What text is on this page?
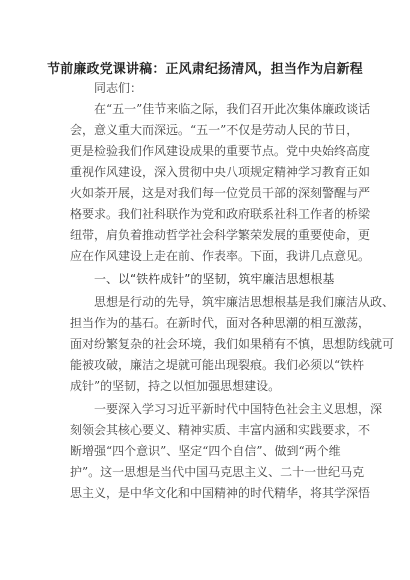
节前廉政党课讲稿：正风肃纪扬清风，担当作为启新程
同志们：
在“五一”佳节来临之际，我们召开此次集体廉政谈话
会，意义重大而深远。“五一”不仅是劳动人民的节日，
更是检验我们作风建设成果的重要节点。党中央始终高度
重视作风建设，深入贯彻中央八项规定精神学习教育正如
火如荼开展，这是对我们每一位党员干部的深刻警醒与严
格要求。我们社科联作为党和政府联系社科工作者的桥梁
纽带，肩负着推动哲学社会科学繁荣发展的重要使命，更
应在作风建设上走在前、作表率。下面，我讲几点意见。
一、以“铁杵成针”的坚韧，筑牢廉洁思想根基
思想是行动的先导，筑牢廉洁思想根基是我们廉洁从政、
担当作为的基石。在新时代，面对各种思潮的相互激荡，
面对纷繁复杂的社会环境，我们如果稍有不慎，思想防线就可
能被攻破，廉洁之堤就可能出现裂痕。我们必须以“铁杵
成针”的坚韧，持之以恒加强思想建设。
一要深入学习习近平新时代中国特色社会主义思想，深
刻领会其核心要义、精神实质、丰富内涵和实践要求，不
断增强“四个意识”、坚定“四个自信”、做到“两个维
护”。这一思想是当代中国马克思主义、二十一世纪马克
思主义，是中华文化和中国精神的时代精华，将其学深悟
